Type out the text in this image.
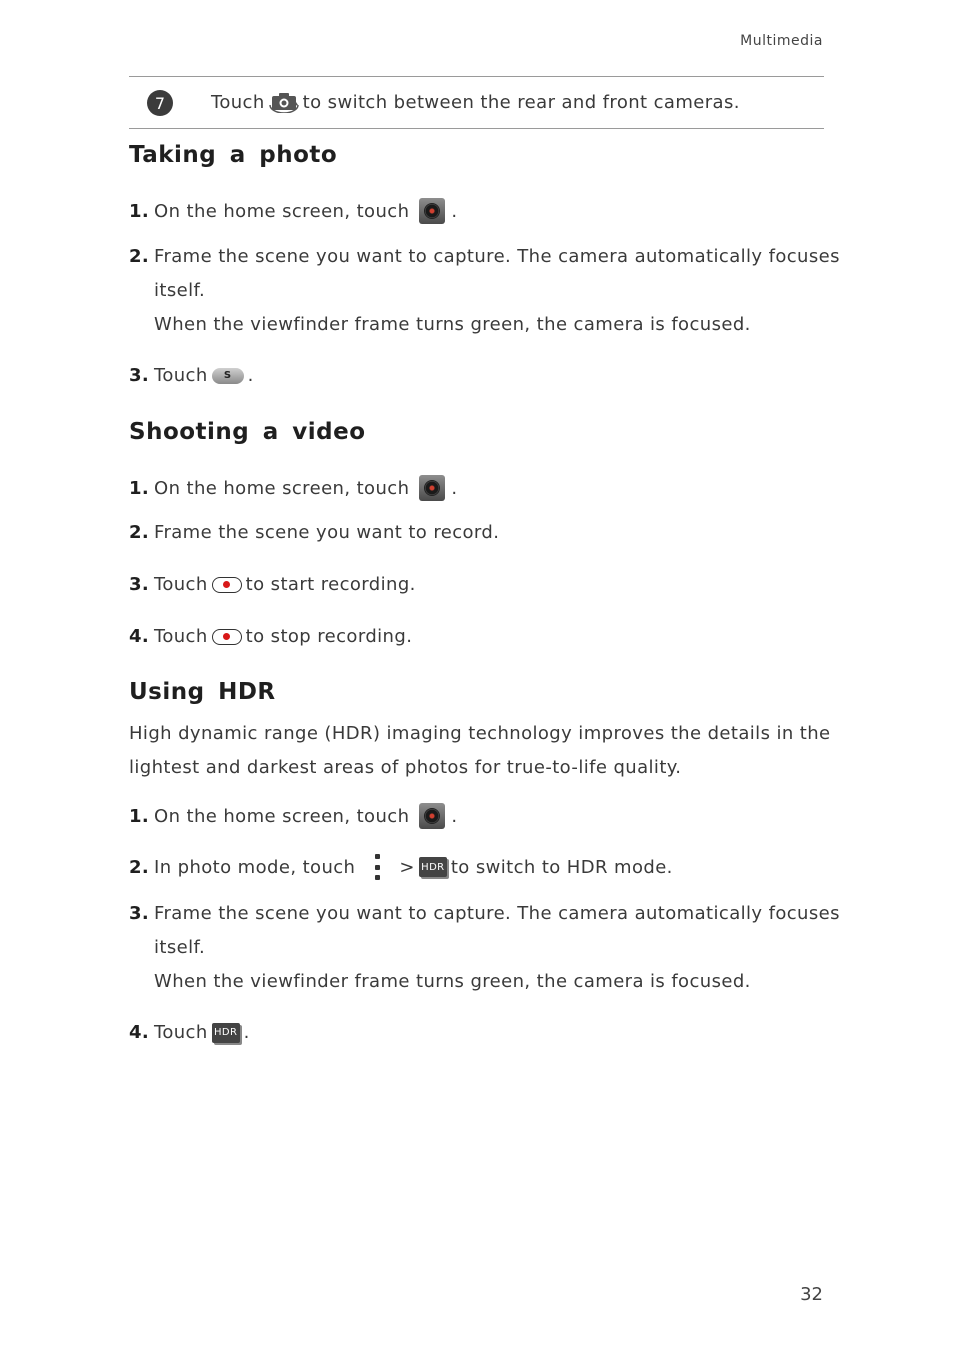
Multimedia
7	Touch to switch between the rear and front cameras.
Taking a photo
1. On the home screen, touch .
2. Frame the scene you want to capture. The camera automatically focuses
itself.
When the viewfinder frame turns green, the camera is focused.
3. Touch	S .
Shooting a video
1. On the home screen, touch .
2. Frame the scene you want to record.
3. Touch to start recording.
4. Touch to stop recording.
Using HDR
High dynamic range (HDR) imaging technology improves the details in the
lightest and darkest areas of photos for true-to-life quality.
1. On the home screen, touch .
2. In photo mode, touch > HDR to switch to HDR mode.
3. Frame the scene you want to capture. The camera automatically focuses
itself.
When the viewfinder frame turns green, the camera is focused.
4. Touch HDR .
32
